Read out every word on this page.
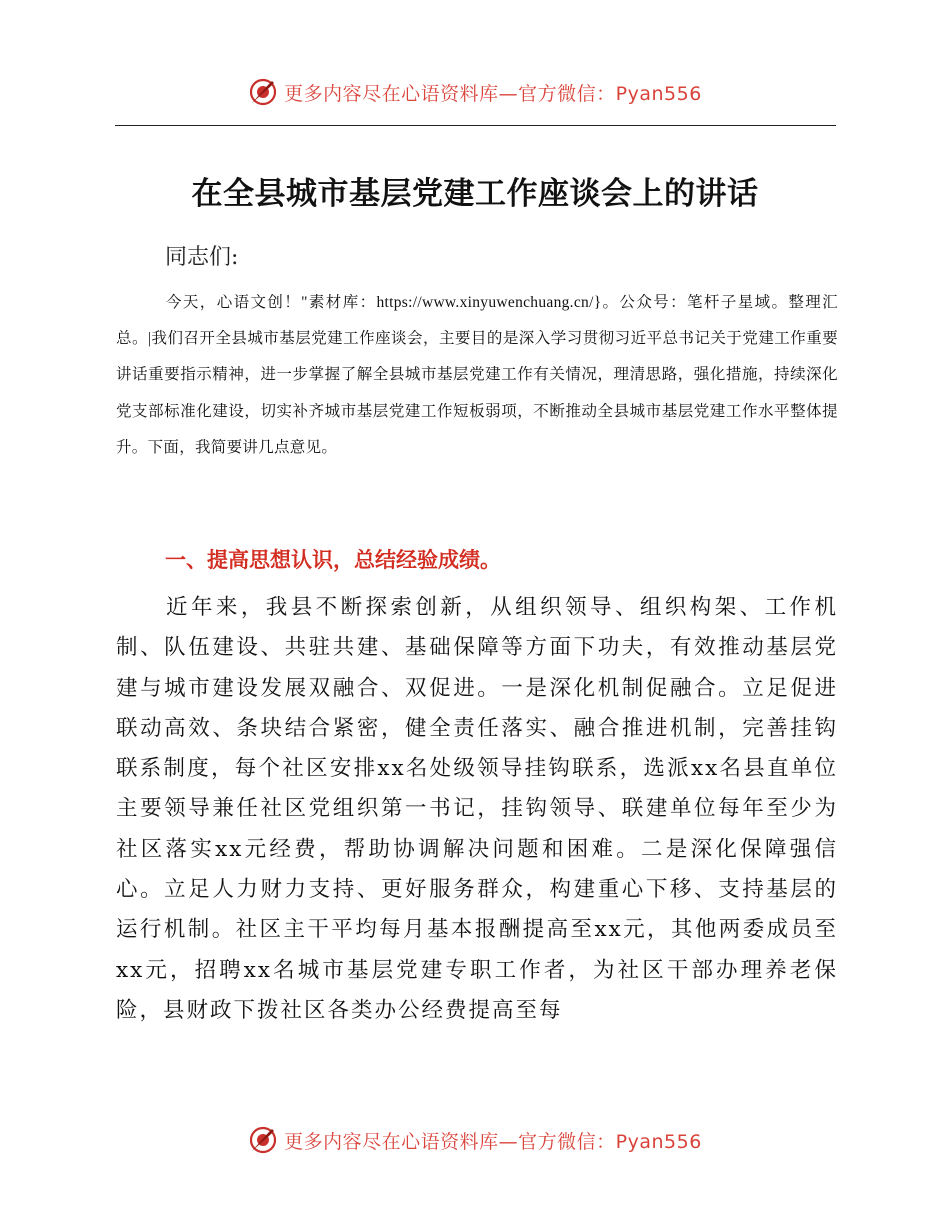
更多内容尽在心语资料库—官方微信：Pyan556
在全县城市基层党建工作座谈会上的讲话

同志们:

今天，心语文创！"素材库：https://www.xinyuwenchuang.cn/}。公众号：笔杆子星域。整理汇总。|我们召开全县城市基层党建工作座谈会，主要目的是深入学习贯彻习近平总书记关于党建工作重要讲话重要指示精神，进一步掌握了解全县城市基层党建工作有关情况，理清思路，强化措施，持续深化党支部标准化建设，切实补齐城市基层党建工作短板弱项，不断推动全县城市基层党建工作水平整体提升。下面，我简要讲几点意见。

一、提高思想认识，总结经验成绩。

近年来，我县不断探索创新，从组织领导、组织构架、工作机制、队伍建设、共驻共建、基础保障等方面下功夫，有效推动基层党建与城市建设发展双融合、双促进。一是深化机制促融合。立足促进联动高效、条块结合紧密，健全责任落实、融合推进机制，完善挂钩联系制度，每个社区安排xx名处级领导挂钩联系，选派xx名县直单位主要领导兼任社区党组织第一书记，挂钩领导、联建单位每年至少为社区落实xx元经费，帮助协调解决问题和困难。二是深化保障强信心。立足人力财力支持、更好服务群众，构建重心下移、支持基层的运行机制。社区主干平均每月基本报酬提高至xx元，其他两委成员至xx元，招聘xx名城市基层党建专职工作者，为社区干部办理养老保险，县财政下拨社区各类办公经费提高至每

更多内容尽在心语资料库—官方微信：Pyan556
